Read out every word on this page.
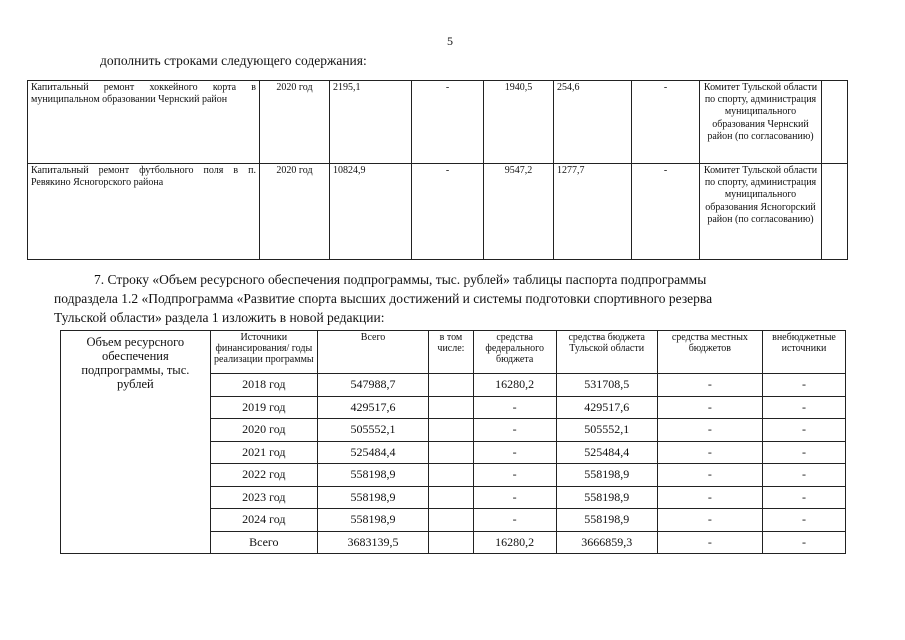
5
дополнить строками следующего содержания:
Капитальный ремонт хоккейного корта в муниципальном образовании Чернский район	2020 год	2195,1	-	1940,5	254,6	-	Комитет Тульской области по спорту, администрация муниципального образования Чернский район (по согласованию)	
Капитальный ремонт футбольного поля в п. Ревякино Ясногорского района	2020 год	10824,9	-	9547,2	1277,7	-	Комитет Тульской области по спорту, администрация муниципального образования Ясногорский район (по согласованию)	
7. Строку «Объем ресурсного обеспечения подпрограммы, тыс. рублей» таблицы паспорта подпрограммы
подраздела 1.2 «Подпрограмма «Развитие спорта высших достижений и системы подготовки спортивного резерва
Тульской области» раздела 1 изложить в новой редакции:
Объем ресурсного обеспечения подпрограммы, тыс. рублей	Источники финансирования/ годы реализации программы	Всего	в том числе:	средства федерального бюджета	средства бюджета Тульской области	средства местных бюджетов	внебюджетные источники
	2018 год	547988,7		16280,2	531708,5	-	-
	2019 год	429517,6		-	429517,6	-	-
	2020 год	505552,1		-	505552,1	-	-
	2021 год	525484,4		-	525484,4	-	-
	2022 год	558198,9		-	558198,9	-	-
	2023 год	558198,9		-	558198,9	-	-
	2024 год	558198,9		-	558198,9	-	-
	Всего	3683139,5		16280,2	3666859,3	-	-
